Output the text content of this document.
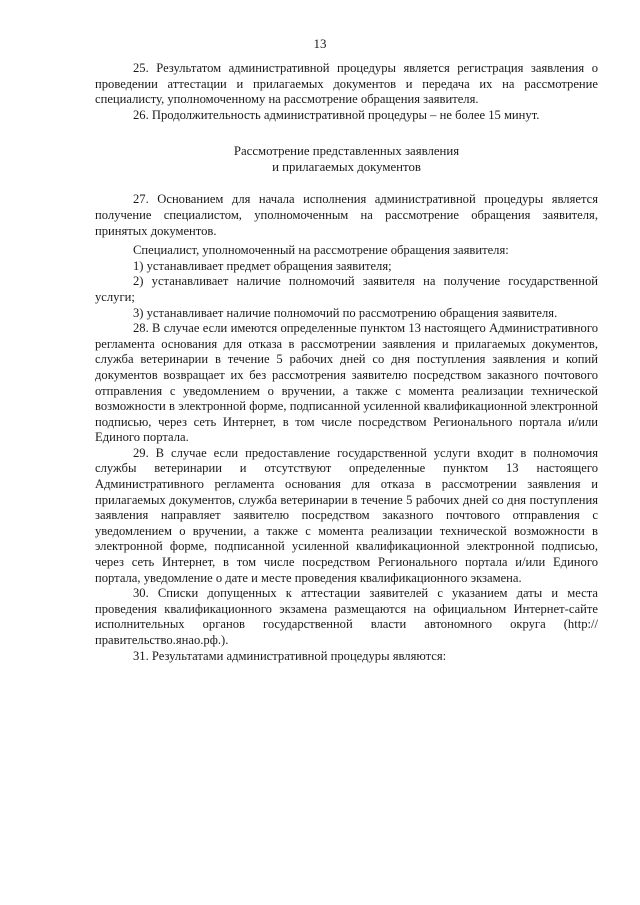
13

25. Результатом административной процедуры является регистрация заявления о проведении аттестации и прилагаемых документов и передача их на рассмотрение специалисту, уполномоченному на рассмотрение обращения заявителя.

26. Продолжительность административной процедуры – не более 15 минут.

Рассмотрение представленных заявления
и прилагаемых документов

27. Основанием для начала исполнения административной процедуры является получение специалистом, уполномоченным на рассмотрение обращения заявителя, принятых документов.

Специалист, уполномоченный на рассмотрение обращения заявителя:

1) устанавливает предмет обращения заявителя;

2) устанавливает наличие полномочий заявителя на получение государственной услуги;

3) устанавливает наличие полномочий по рассмотрению обращения заявителя.

28. В случае если имеются определенные пунктом 13 настоящего Административного регламента основания для отказа в рассмотрении заявления и прилагаемых документов, служба ветеринарии в течение 5 рабочих дней со дня поступления заявления и копий документов возвращает их без рассмотрения заявителю посредством заказного почтового отправления с уведомлением о вручении, а также с момента реализации технической возможности в электронной форме, подписанной усиленной квалификационной электронной подписью, через сеть Интернет, в том числе посредством Регионального портала и/или Единого портала.

29. В случае если предоставление государственной услуги входит в полномочия службы ветеринарии и отсутствуют определенные пунктом 13 настоящего Административного регламента основания для отказа в рассмотрении заявления и прилагаемых документов, служба ветеринарии в течение 5 рабочих дней со дня поступления заявления направляет заявителю посредством заказного почтового отправления с уведомлением о вручении, а также с момента реализации технической возможности в электронной форме, подписанной усиленной квалификационной электронной подписью, через сеть Интернет, в том числе посредством Регионального портала и/или Единого портала, уведомление о дате и месте проведения квалификационного экзамена.

30. Списки допущенных к аттестации заявителей с указанием даты и места проведения квалификационного экзамена размещаются на официальном Интернет-сайте исполнительных органов государственной власти автономного округа (http://правительство.янао.рф.).

31. Результатами административной процедуры являются:
